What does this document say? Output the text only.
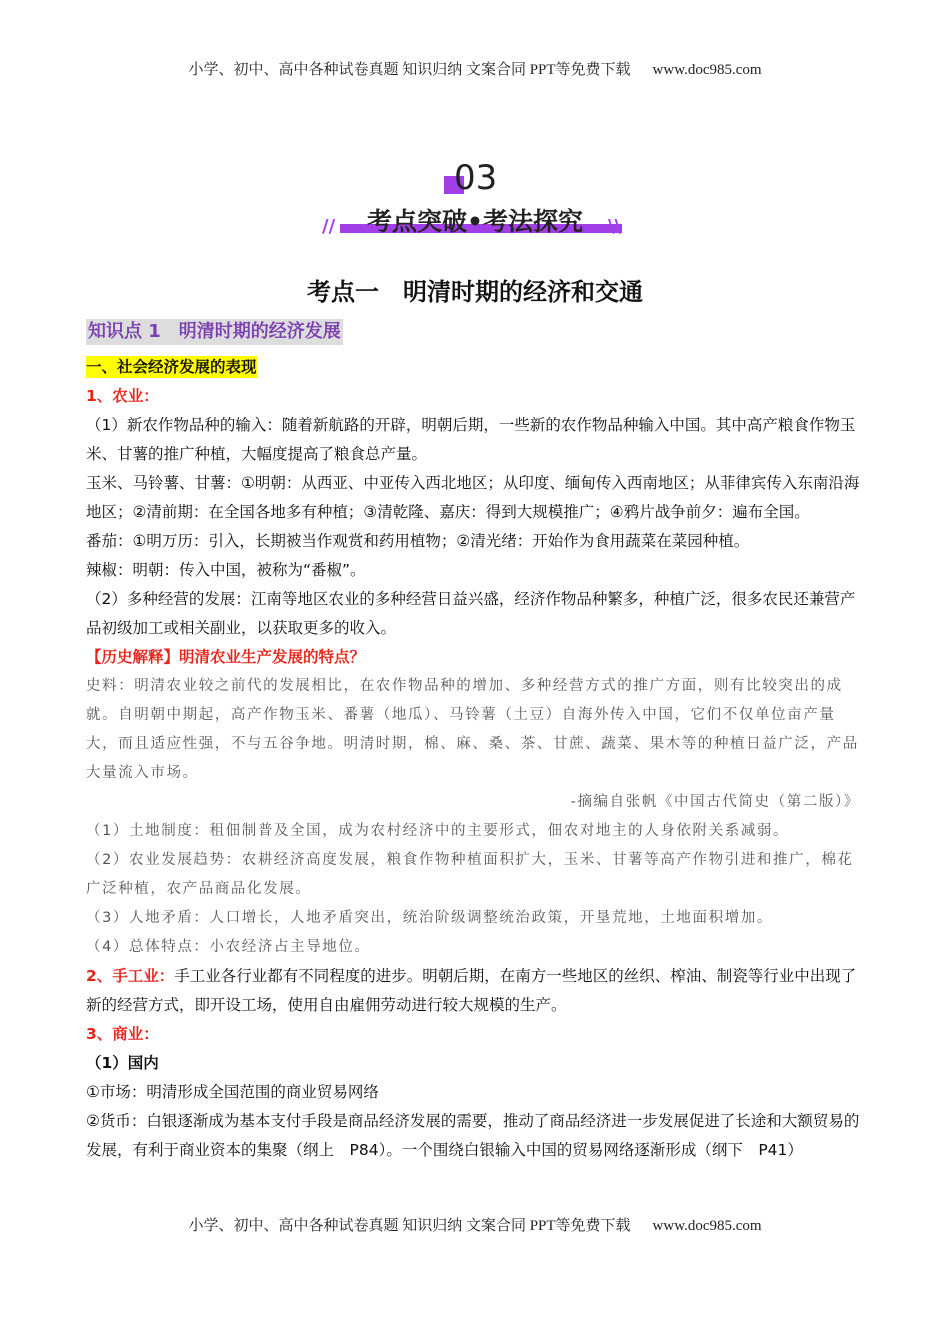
小学、初中、高中各种试卷真题 知识归纳 文案合同 PPT等免费下载 www.doc985.com
03
//	\\
考点突破•考法探究
考点一　明清时期的经济和交通
知识点 1　明清时期的经济发展
一、社会经济发展的表现
1、农业：

（1）新农作物品种的输入：随着新航路的开辟，明朝后期，一些新的农作物品种输入中国。其中高产粮食作物玉米、甘薯的推广种植，大幅度提高了粮食总产量。

玉米、马铃薯、甘薯：①明朝：从西亚、中亚传入西北地区；从印度、缅甸传入西南地区；从菲律宾传入东南沿海地区；②清前期：在全国各地多有种植；③清乾隆、嘉庆：得到大规模推广；④鸦片战争前夕：遍布全国。

番茄：①明万历：引入，长期被当作观赏和药用植物；②清光绪：开始作为食用蔬菜在菜园种植。

辣椒：明朝：传入中国，被称为“番椒”。

（2）多种经营的发展：江南等地区农业的多种经营日益兴盛，经济作物品种繁多，种植广泛，很多农民还兼营产品初级加工或相关副业，以获取更多的收入。

【历史解释】明清农业生产发展的特点？

史料：明清农业较之前代的发展相比，在农作物品种的增加、多种经营方式的推广方面，则有比较突出的成就。自明朝中期起，高产作物玉米、番薯（地瓜）、马铃薯（土豆）自海外传入中国，它们不仅单位亩产量大，而且适应性强，不与五谷争地。明清时期，棉、麻、桑、茶、甘蔗、蔬菜、果木等的种植日益广泛，产品大量流入市场。

-摘编自张帆《中国古代简史（第二版）》

（1）土地制度：租佃制普及全国，成为农村经济中的主要形式，佃农对地主的人身依附关系减弱。

（2）农业发展趋势：农耕经济高度发展，粮食作物种植面积扩大，玉米、甘薯等高产作物引进和推广，棉花广泛种植，农产品商品化发展。

（3）人地矛盾：人口增长，人地矛盾突出，统治阶级调整统治政策，开垦荒地，土地面积增加。

（4）总体特点：小农经济占主导地位。

2、手工业：手工业各行业都有不同程度的进步。明朝后期，在南方一些地区的丝织、榨油、制瓷等行业中出现了新的经营方式，即开设工场，使用自由雇佣劳动进行较大规模的生产。

3、商业：
（1）国内

①市场：明清形成全国范围的商业贸易网络

②货币：白银逐渐成为基本支付手段是商品经济发展的需要，推动了商品经济进一步发展促进了长途和大额贸易的发展，有利于商业资本的集聚（纲上　P84）。一个围绕白银输入中国的贸易网络逐渐形成（纲下　P41）

小学、初中、高中各种试卷真题 知识归纳 文案合同 PPT等免费下载 www.doc985.com
